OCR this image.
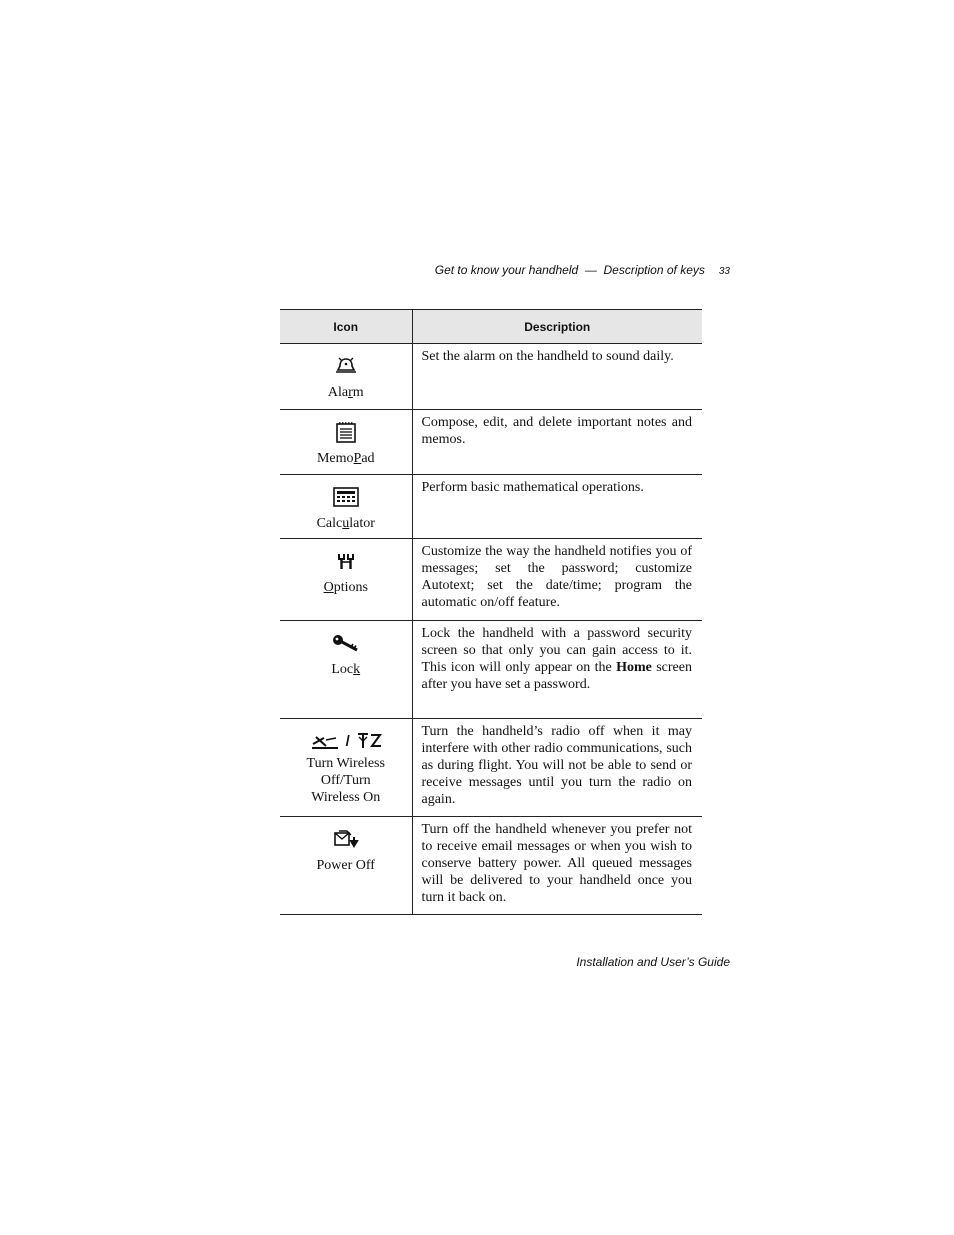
Get to know your handheld  —  Description of keys 33
Icon	Description

Alarm	Set the alarm on the handheld to sound daily.

MemoPad	Compose, edit, and delete important notes and memos.

Calculator	Perform basic mathematical operations.

Options	Customize the way the handheld notifies you of messages; set the password; customize Autotext; set the date/time; program the automatic on/off feature.

Lock	Lock the handheld with a password security screen so that only you can gain access to it. This icon will only appear on the Home screen after you have set a password.

/
Turn Wireless
Off/Turn
Wireless On	Turn the handheld’s radio off when it may interfere with other radio communications, such as during flight. You will not be able to send or receive messages until you turn the radio on again.

Power Off	Turn off the handheld whenever you prefer not to receive email messages or when you wish to conserve battery power. All queued messages will be delivered to your handheld once you turn it back on.
Installation and User’s Guide
